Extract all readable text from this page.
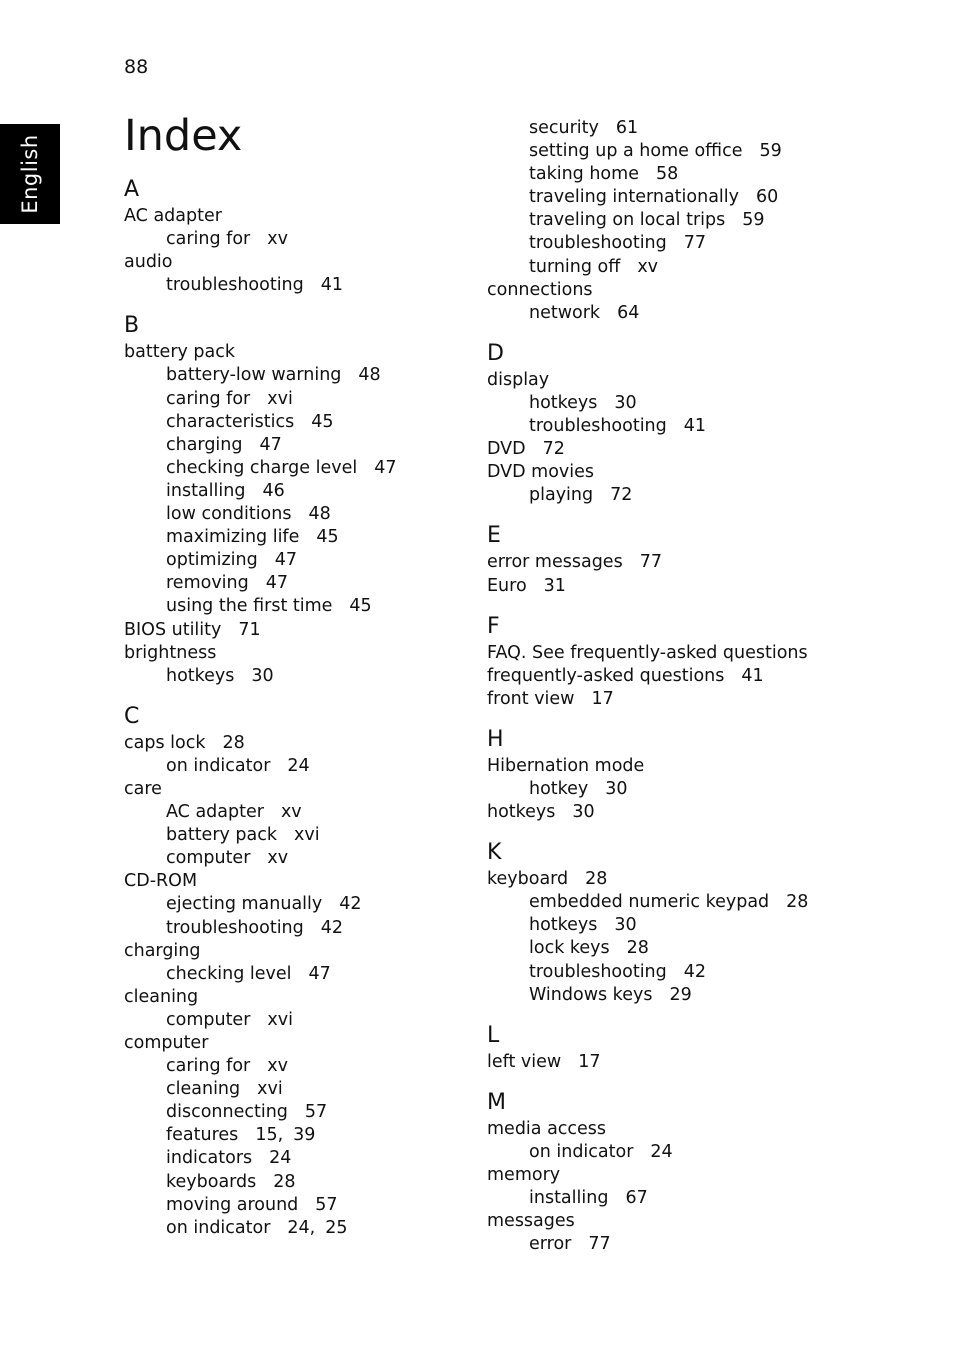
88
English Index
A
AC adapter
caring for xv
audio
troubleshooting 41
B
battery pack
battery-low warning 48
caring for xvi
characteristics 45
charging 47
checking charge level 47
installing 46
low conditions 48
maximizing life 45
optimizing 47
removing 47
using the first time 45
BIOS utility 71
brightness
hotkeys 30
C
caps lock 28
on indicator 24
care
AC adapter xv
battery pack xvi
computer xv
CD-ROM
ejecting manually 42
troubleshooting 42
charging
checking level 47
cleaning
computer xvi
computer
caring for xv
cleaning xvi
disconnecting 57
features 15, 39
indicators 24
keyboards 28
moving around 57
on indicator 24, 25
security 61
setting up a home office 59
taking home 58
traveling internationally 60
traveling on local trips 59
troubleshooting 77
turning off xv
connections
network 64
D
display
hotkeys 30
troubleshooting 41
DVD 72
DVD movies
playing 72
E
error messages 77
Euro 31
F
FAQ. See frequently-asked questions
frequently-asked questions 41
front view 17
H
Hibernation mode
hotkey 30
hotkeys 30
K
keyboard 28
embedded numeric keypad 28
hotkeys 30
lock keys 28
troubleshooting 42
Windows keys 29
L
left view 17
M
media access
on indicator 24
memory
installing 67
messages
error 77
